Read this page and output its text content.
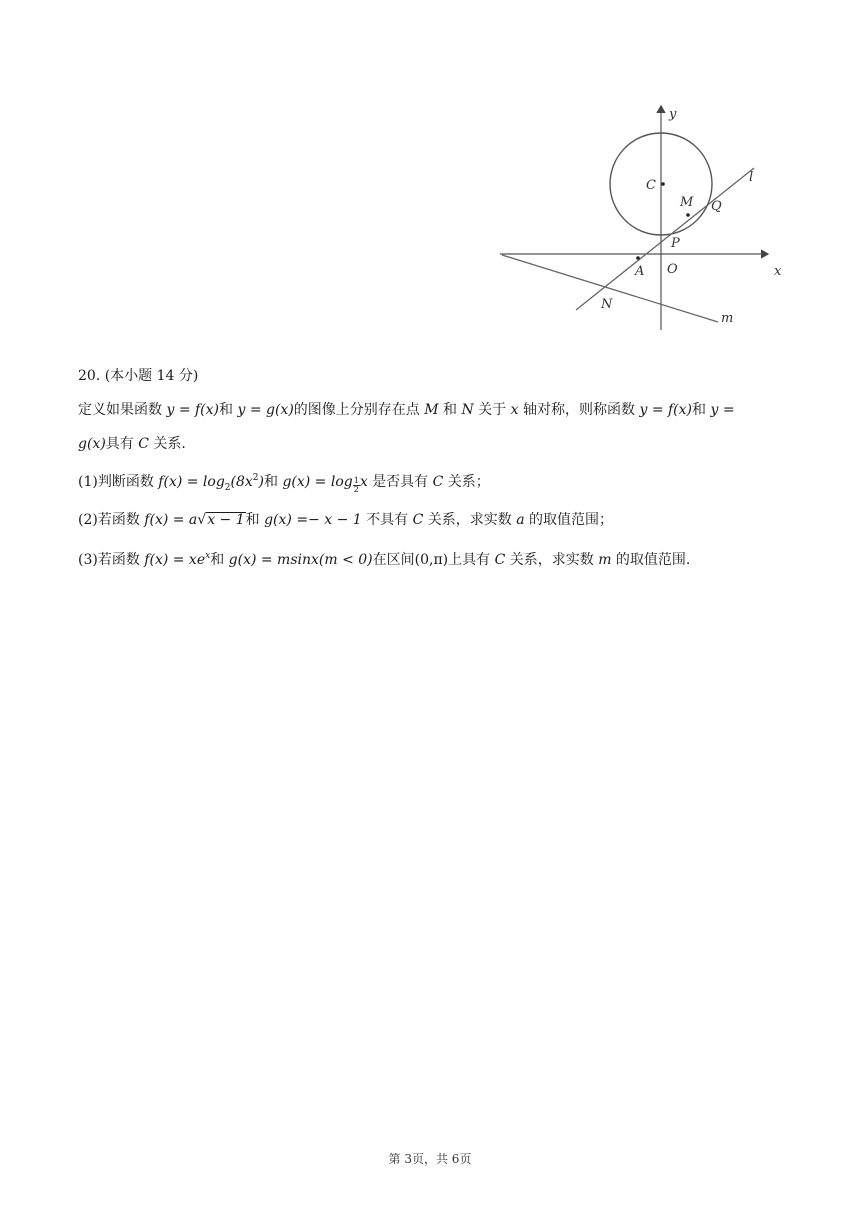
y
x
C
M Q
P
A O
N
l
m
20. (本小题 14 分)
定义如果函数 y = f(x)和 y = g(x)的图像上分别存在点 M 和 N 关于 x 轴对称，则称函数 y = f(x)和 y =
g(x)具有 C 关系.
(1)判断函数 $f(x) = \log_2(8x^2)$和 $g(x) = \log \frac{1}{2}$ x 是否具有 C 关系；
(2)若函数 f(x) = a√x − 1和 g(x) =− x − 1 不具有 C 关系，求实数 a 的取值范围；
(3)若函数 $f(x) = xe^x$和 g(x) = msinx(m < 0)在区间(0,π)上具有 C 关系，求实数 m 的取值范围.
第 3页，共 6页
